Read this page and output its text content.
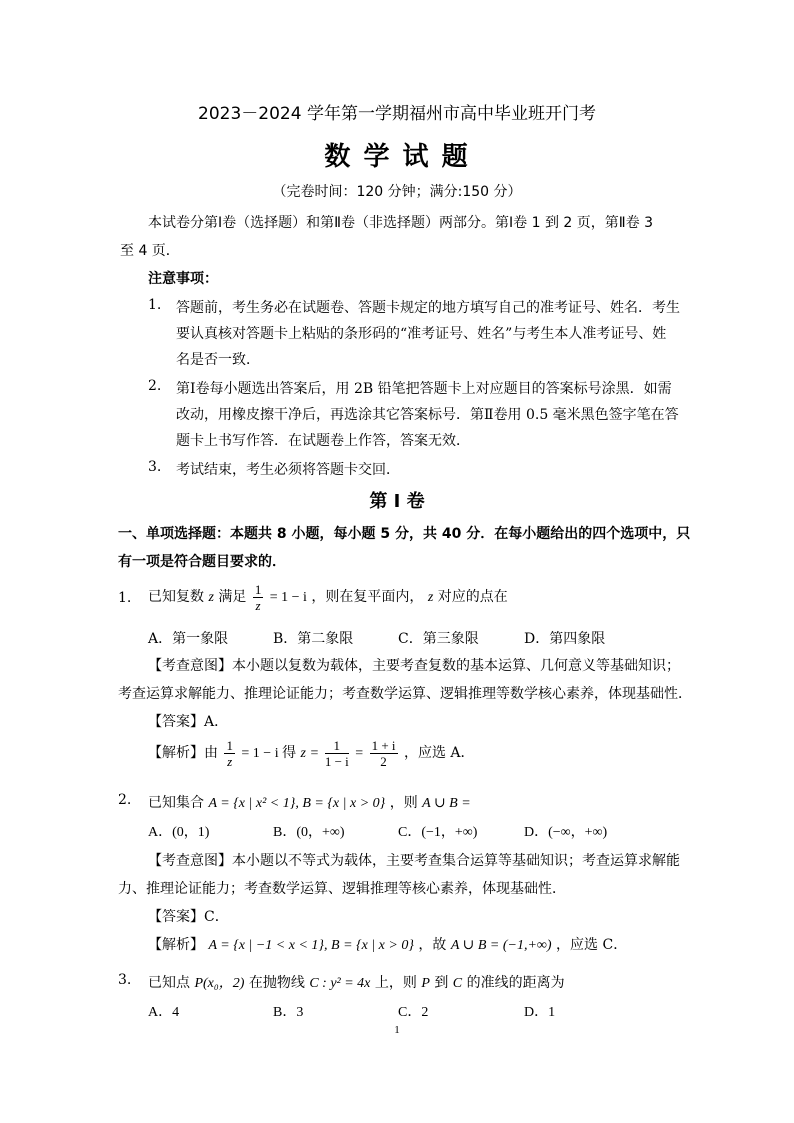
2023－2024 学年第一学期福州市高中毕业班开门考
数 学 试 题
（完卷时间：120 分钟；满分:150 分）
本试卷分第Ⅰ卷（选择题）和第Ⅱ卷（非选择题）两部分。第Ⅰ卷 1 到 2 页，第Ⅱ卷 3
至 4 页．
注意事项：
1. 答题前，考生务必在试题卷、答题卡规定的地方填写自己的准考证号、姓名．考生
要认真核对答题卡上粘贴的条形码的“准考证号、姓名”与考生本人准考证号、姓
名是否一致．
2. 第Ⅰ卷每小题选出答案后，用 2B 铅笔把答题卡上对应题目的答案标号涂黑．如需
改动，用橡皮擦干净后，再选涂其它答案标号．第Ⅱ卷用 0.5 毫米黑色签字笔在答
题卡上书写作答．在试题卷上作答，答案无效．
3. 考试结束，考生必须将答题卡交回．
第 Ⅰ 卷
一、单项选择题：本题共 8 小题，每小题 5 分，共 40 分．在每小题给出的四个选项中，只
有一项是符合题目要求的．
1. 已知复数 z 满足 $\frac{1}{z} = 1 - i$ ，则在复平面内， z 对应的点在
A．第一象限	B．第二象限	C．第三象限	D．第四象限
【考查意图】本小题以复数为载体，主要考查复数的基本运算、几何意义等基础知识；
考查运算求解能力、推理论证能力；考查数学运算、逻辑推理等数学核心素养，体现基础性．
【答案】A．
【解析】由 $\frac{1}{z} = 1 - i$ 得 $z = \frac{1}{1 - i} = \frac{1 + i}{2}$ ，应选 A．
2. 已知集合 A = {x | x² < 1}, B = {x | x > 0} ，则 A ∪ B =
A．(0，1)	B．(0，+∞)	C．(−1，+∞)	D．(−∞，+∞)
【考查意图】本小题以不等式为载体，主要考查集合运算等基础知识；考查运算求解能
力、推理论证能力；考查数学运算、逻辑推理等核心素养，体现基础性．
【答案】C．
【解析】 A = {x | −1 < x < 1}, B = {x | x > 0} ，故 A ∪ B = (−1,+∞) ，应选 C．
3. 已知点 P(x₀，2) 在抛物线 C : y² = 4x 上，则 P 到 C 的准线的距离为
A．4	B．3	C．2	D．1
1
